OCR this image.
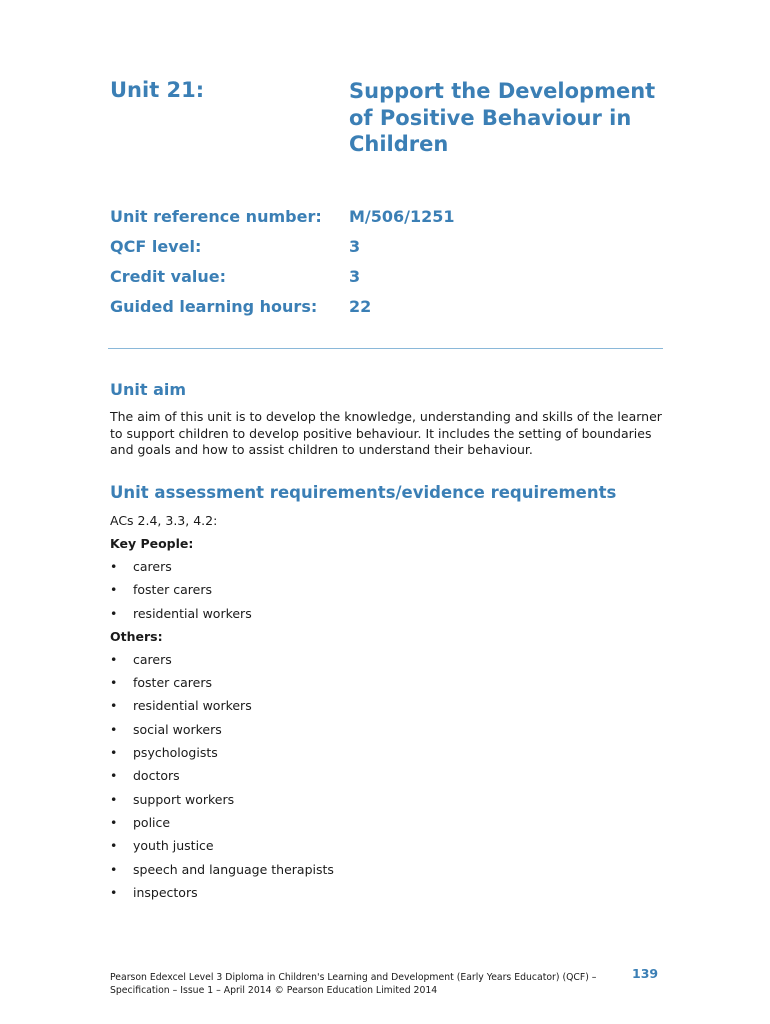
Unit 21:	Support the Development of Positive Behaviour in Children
Unit reference number: M/506/1251
QCF level:	3
Credit value:	3
Guided learning hours: 22
Unit aim
The aim of this unit is to develop the knowledge, understanding and skills of the learner to support children to develop positive behaviour. It includes the setting of boundaries and goals and how to assist children to understand their behaviour.
Unit assessment requirements/evidence requirements
ACs 2.4, 3.3, 4.2:
Key People:
• carers
• foster carers
• residential workers
Others:
• carers
• foster carers
• residential workers
• social workers
• psychologists
• doctors
• support workers
• police
• youth justice
• speech and language therapists
• inspectors
Pearson Edexcel Level 3 Diploma in Children's Learning and Development (Early Years Educator) (QCF) –
Specification – Issue 1 – April 2014 © Pearson Education Limited 2014
139
